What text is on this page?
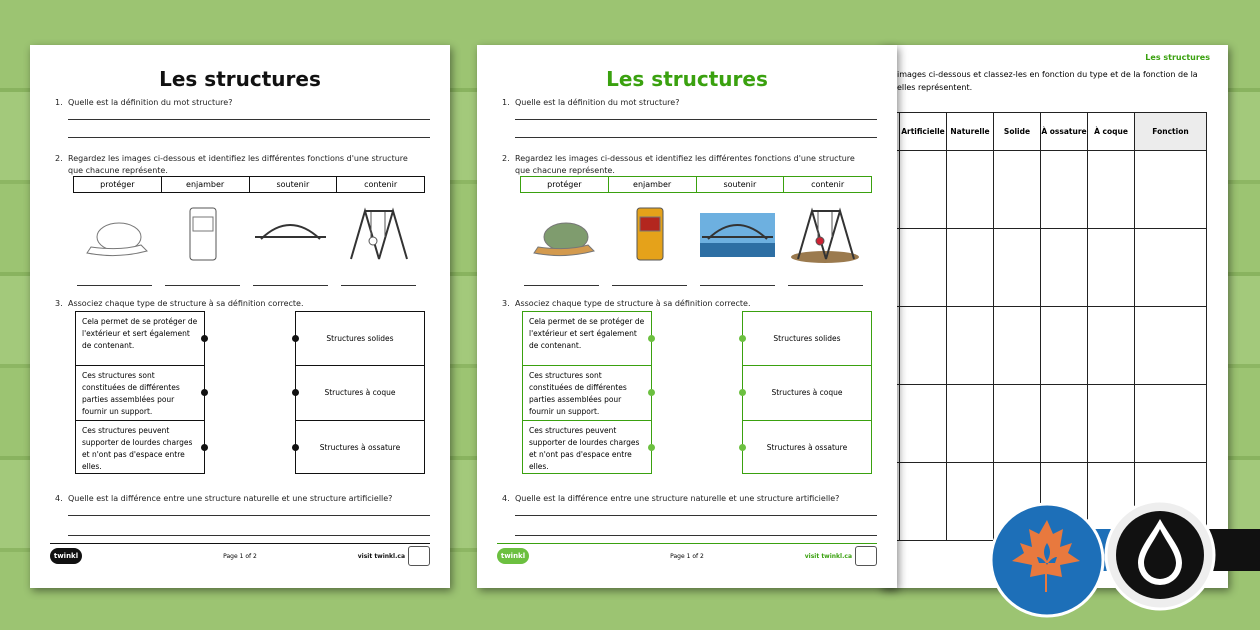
Les structures
images ci-dessous et classez-les en fonction du type et de la fonction de la
elles représentent.
	Artificielle	Naturelle	Solide	À ossature	À coque	Fonction

Les structures
1. Quelle est la définition du mot structure?
2. Regardez les images ci-dessous et identifiez les différentes fonctions d'une structure que chacune représente.
3. Associez chaque type de structure à sa définition correcte.
4. Quelle est la différence entre une structure naturelle et une structure artificielle?
protéger	enjamber	soutenir	contenir
Cela permet de se protéger de l'extérieur et sert également de contenant.
Ces structures sont constituées de différentes parties assemblées pour fournir un support.
Ces structures peuvent supporter de lourdes charges et n'ont pas d'espace entre elles.
Structures solides
Structures à coque
Structures à ossature
twinkl	Page 1 of 2	visit twinkl.ca
Les structures
1. Quelle est la définition du mot structure?
2. Regardez les images ci-dessous et identifiez les différentes fonctions d'une structure que chacune représente.
3. Associez chaque type de structure à sa définition correcte.
4. Quelle est la différence entre une structure naturelle et une structure artificielle?
protéger	enjamber	soutenir	contenir
Cela permet de se protéger de l'extérieur et sert également de contenant.
Ces structures sont constituées de différentes parties assemblées pour fournir un support.
Ces structures peuvent supporter de lourdes charges et n'ont pas d'espace entre elles.
Structures solides
Structures à coque
Structures à ossature
twinkl	Page 1 of 2	visit twinkl.ca
